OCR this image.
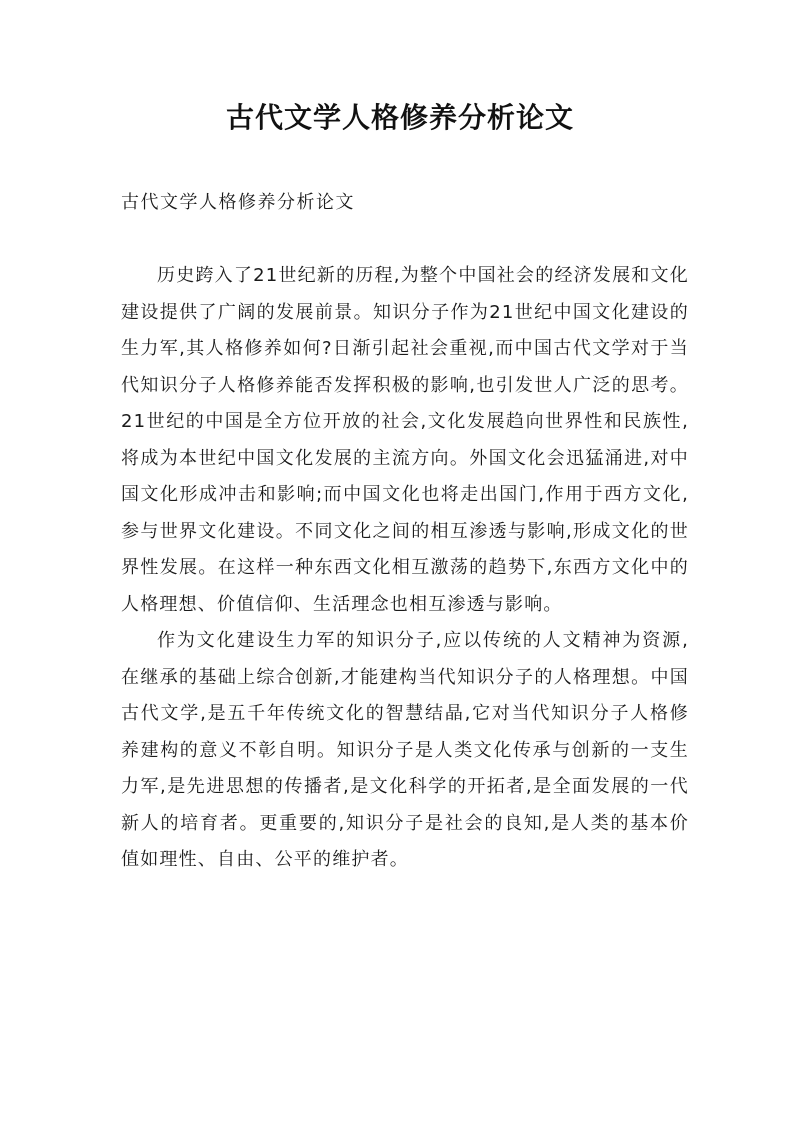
古代文学人格修养分析论文
古代文学人格修养分析论文

历史跨入了21世纪新的历程,为整个中国社会的经济发展和文化建设提供了广阔的发展前景。知识分子作为21世纪中国文化建设的生力军,其人格修养如何?日渐引起社会重视,而中国古代文学对于当代知识分子人格修养能否发挥积极的影响,也引发世人广泛的思考。21世纪的中国是全方位开放的社会,文化发展趋向世界性和民族性,将成为本世纪中国文化发展的主流方向。外国文化会迅猛涌进,对中国文化形成冲击和影响;而中国文化也将走出国门,作用于西方文化,参与世界文化建设。不同文化之间的相互渗透与影响,形成文化的世界性发展。在这样一种东西文化相互激荡的趋势下,东西方文化中的人格理想、价值信仰、生活理念也相互渗透与影响。

作为文化建设生力军的知识分子,应以传统的人文精神为资源,在继承的基础上综合创新,才能建构当代知识分子的人格理想。中国古代文学,是五千年传统文化的智慧结晶,它对当代知识分子人格修养建构的意义不彰自明。知识分子是人类文化传承与创新的一支生力军,是先进思想的传播者,是文化科学的开拓者,是全面发展的一代新人的培育者。更重要的,知识分子是社会的良知,是人类的基本价值如理性、自由、公平的维护者。
